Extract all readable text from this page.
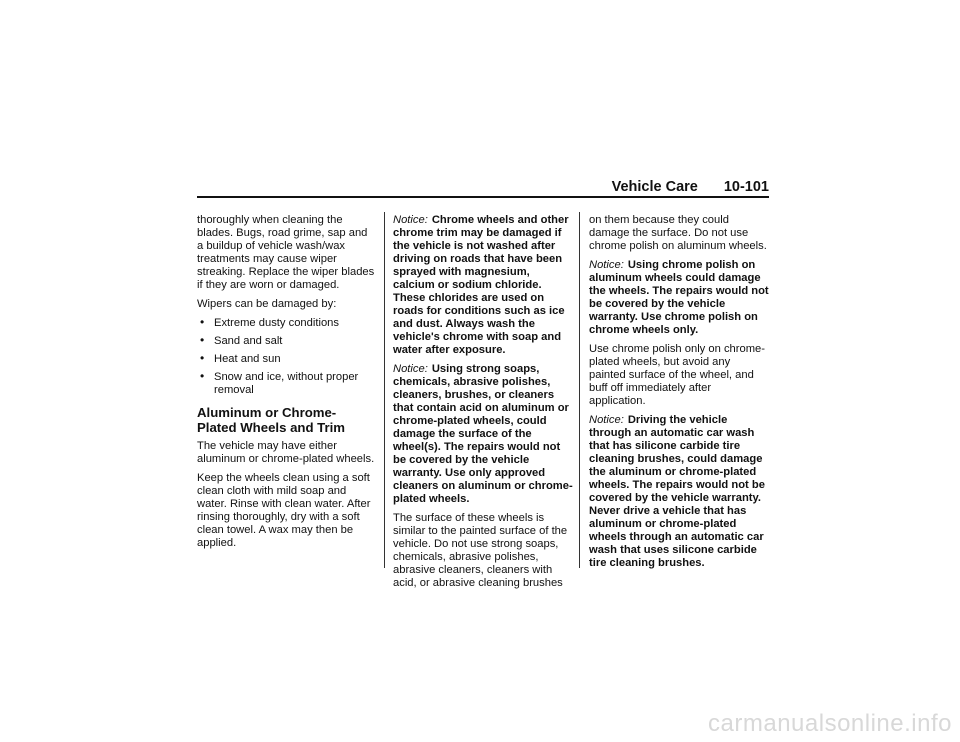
Vehicle Care 10-101

thoroughly when cleaning the blades. Bugs, road grime, sap and a buildup of vehicle wash/wax treatments may cause wiper streaking. Replace the wiper blades if they are worn or damaged.

Wipers can be damaged by:

• Extreme dusty conditions
• Sand and salt
• Heat and sun
• Snow and ice, without proper removal
Aluminum or Chrome-Plated Wheels and Trim

The vehicle may have either aluminum or chrome-plated wheels.

Keep the wheels clean using a soft clean cloth with mild soap and water. Rinse with clean water. After rinsing thoroughly, dry with a soft clean towel. A wax may then be applied.

Notice: Chrome wheels and other chrome trim may be damaged if the vehicle is not washed after driving on roads that have been sprayed with magnesium, calcium or sodium chloride. These chlorides are used on roads for conditions such as ice and dust. Always wash the vehicle's chrome with soap and water after exposure.

Notice: Using strong soaps, chemicals, abrasive polishes, cleaners, brushes, or cleaners that contain acid on aluminum or chrome-plated wheels, could damage the surface of the wheel(s). The repairs would not be covered by the vehicle warranty. Use only approved cleaners on aluminum or chrome-plated wheels.

The surface of these wheels is similar to the painted surface of the vehicle. Do not use strong soaps, chemicals, abrasive polishes, abrasive cleaners, cleaners with acid, or abrasive cleaning brushes

on them because they could damage the surface. Do not use chrome polish on aluminum wheels.

Notice: Using chrome polish on aluminum wheels could damage the wheels. The repairs would not be covered by the vehicle warranty. Use chrome polish on chrome wheels only.

Use chrome polish only on chrome-plated wheels, but avoid any painted surface of the wheel, and buff off immediately after application.

Notice: Driving the vehicle through an automatic car wash that has silicone carbide tire cleaning brushes, could damage the aluminum or chrome-plated wheels. The repairs would not be covered by the vehicle warranty. Never drive a vehicle that has aluminum or chrome-plated wheels through an automatic car wash that uses silicone carbide tire cleaning brushes.

carmanualsonline.info
